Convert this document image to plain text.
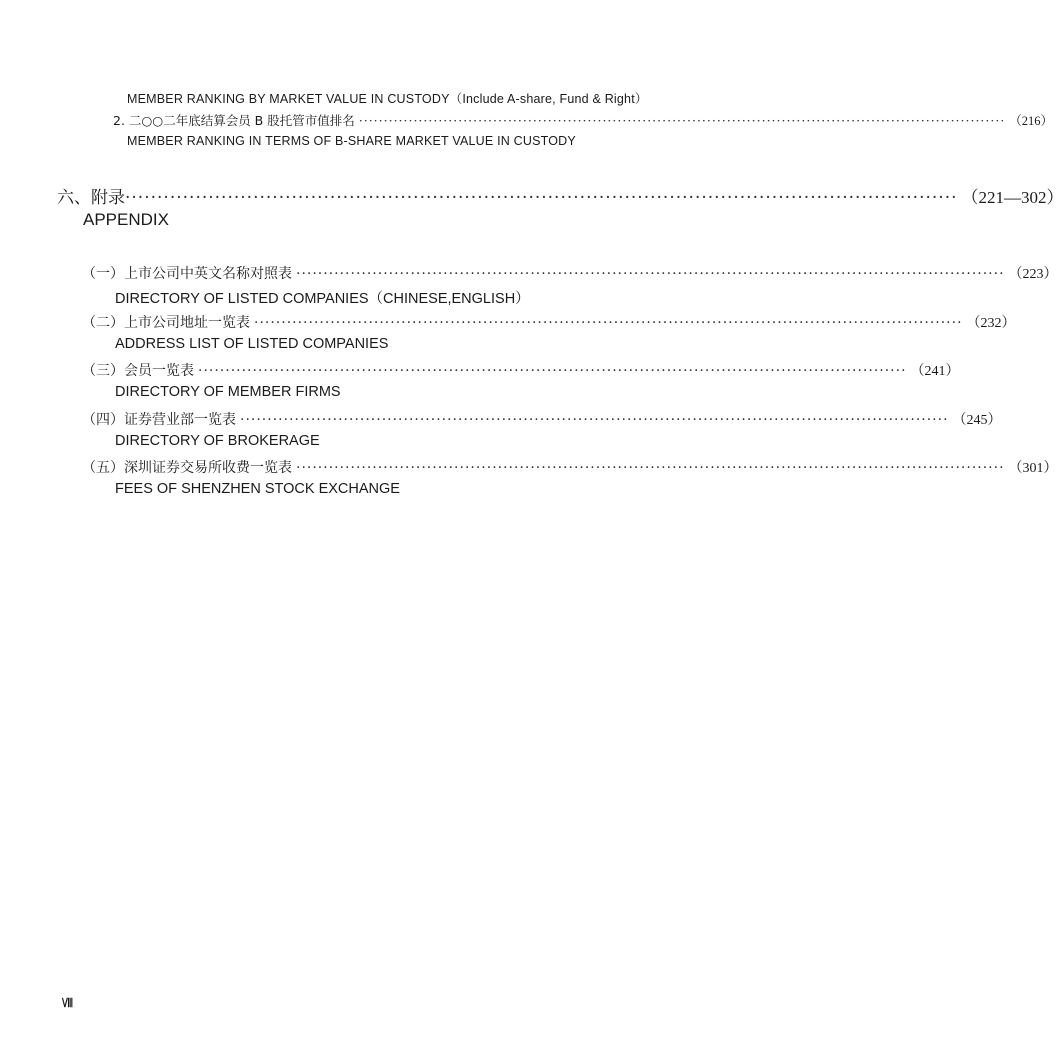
MEMBER RANKING BY MARKET VALUE IN CUSTODY（Include A-share, Fund & Right）
2. 二○○二年底结算会员 B 股托管市值排名 ·································································································································· （216）
MEMBER RANKING IN TERMS OF B-SHARE MARKET VALUE IN CUSTODY
六、附录 ·································································································································· （221—302）
APPENDIX
（一）上市公司中英文名称对照表 ·································································································································· （223）
DIRECTORY OF LISTED COMPANIES（CHINESE,ENGLISH）
（二）上市公司地址一览表 ·································································································································· （232）
ADDRESS LIST OF LISTED COMPANIES
（三）会员一览表 ·································································································································· （241）
DIRECTORY OF MEMBER FIRMS
（四）证券营业部一览表 ·································································································································· （245）
DIRECTORY OF BROKERAGE
（五）深圳证券交易所收费一览表 ·································································································································· （301）
FEES OF SHENZHEN STOCK EXCHANGE
Ⅷ
